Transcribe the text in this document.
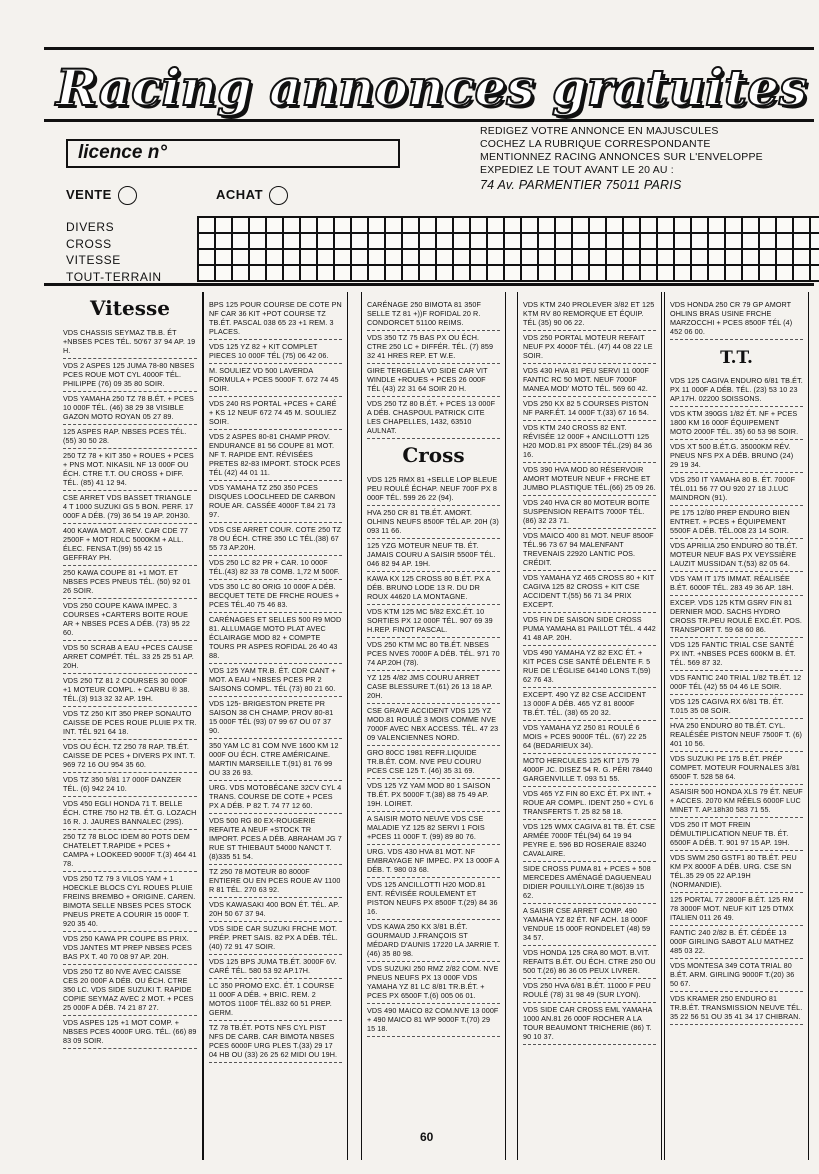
Racing annonces gratuites
licence n°
REDIGEZ VOTRE ANNONCE EN MAJUSCULES
COCHEZ LA RUBRIQUE CORRESPONDANTE
MENTIONNEZ RACING ANNONCES SUR L'ENVELOPPE
EXPEDIEZ LE TOUT AVANT LE 20 AU :
74 Av. PARMENTIER 75011 PARIS
VENTE	ACHAT
DIVERS
CROSS
VITESSE
TOUT-TERRAIN
Vitesse
VDS CHASSIS SEYMAZ TB.B. ÉT +NBSES PCES TÉL. 50'67 37 94 AP. 19 H.
VDS 2 ASPES 125 JUMA 78-80 NBSES PCES ROUE MOT CYL 4000F TÉL. PHILIPPE (76) 09 35 80 SOIR.
VDS YAMAHA 250 TZ 78 B.ÉT. + PCES 10 000F TÉL. (46) 38 29 38 VISIBLE GAZON MOTO ROYAN 05 27 89.
125 ASPES RAP. NBSES PCES TÉL.(55) 30 50 28.
250 TZ 78 + KIT 350 + ROUES + PCES + PNS MOT. NIKASIL NF 13 000F OU ÉCH. CTRE T.T. OU CROSS + DIFF. TÉL. (85) 41 12 94.
CSE ARRET VDS BASSET TRIANGLE 4 T 1000 SUZUKI GS 5 BON. PERF. 17 000F A DÉB. (79) 36 54 19 AP. 20H30.
400 KAWA MOT. A REV. CAR CDE 77 2500F + MOT RDLC 5000KM + ALL. ÉLEC. FENSA T.(99) 55 42 15 GEFFRAY PH.
250 KAWA COUPE 81 +1 MOT. ET NBSES PCES PNEUS TÉL. (50) 92 01 26 SOIR.
VDS 250 COUPE KAWA IMPEC. 3 COURSES +CARTERS BOITE ROUE AR + NBSES PCES A DÉB. (73) 95 22 60.
VDS 50 SCRAB A EAU +PCES CAUSE ARRET COMPÉT. TÉL. 33 25 25 51 AP. 20H.
VDS 250 TZ 81 2 COURSES 30 000F +1 MOTEUR COMPL. + CARBU ® 38. TÉL.(3) 913 32 32 AP. 19H.
VDS TZ 250 KIT 350 PREP SONAUTO CAISSE DE PCES ROUE PLUIE PX TR. INT. TÉL 921 64 18.
VDS OU ÉCH. TZ 250 78 RAP. TB.ÉT. CAISSE DE PCES + DIVERS PX INT. T. 969 72 16 OU 954 35 60.
VDS TZ 350 5/81 17 000F DANZER TÉL. (6) 942 24 10.
VDS 450 EGLI HONDA 71 T. BELLE ÉCH. CTRE 750 H2 TB. ÉT. G. LOZACH 16 R. J. JAURES BANNALEC (29S).
250 TZ 78 BLOC IDEM 80 POTS DEM CHATELET T.RAPIDE + PCES + CAMPA + LOOKEED 9000F T.(3) 464 41 78.
VDS 250 TZ 79 3 VILOS YAM + 1 HOECKLE BLOCS CYL ROUES PLUIE FREINS BREMBO + ORIGINE. CAREN. BIMOTA SELLE NBSES PCES STOCK PNEUS PRETE A COURIR 15 000F T. 920 35 40.
VDS 250 KAWA PR COUPE BS PRIX. VDS JANTES MT PREP NBSES PCES BAS PX T. 40 70 08 97 AP. 20H.
VDS 250 TZ 80 NVE AVEC CAISSE CES 20 000F A DÉB. OU ÉCH. CTRE 350 LC. VDS SIDE SUZUKI T. RAPIDE COPIE SEYMAZ AVEC 2 MOT. + PCES 25 000F A DÉB. 74 21 87 27.
VDS ASPES 125 +1 MOT COMP. + NBSES PCES 4000F URG. TÉL. (66) 89 83 09 SOIR.
BPS 125 POUR COURSE DE COTE PN NF CAR 36 KIT +POT COURSE TZ TB.ÉT. PASCAL 038 65 23 +1 REM. 3 PLACES.
VDS 125 YZ 82 + KIT COMPLET PIECES 10 000F TÉL (75) 06 42 06.
M. SOULIEZ VD 500 LAVERDA FORMULA + PCES 5000F T. 672 74 45 SOIR.
VDS 240 RS PORTAL +PCES + CARÉ + KS 12 NEUF 672 74 45 M. SOULIEZ SOIR.
VDS 2 ASPES 80-81 CHAMP PROV. ENDURANCE 81 56 COUPE 81 MOT. NF T. RAPIDE ENT. RÉVISÉES PRETES 82-83 IMPORT. STOCK PCES TÉL (42) 44 01 11.
VDS YAMAHA TZ 250 350 PCES DISQUES LOOCLHEED DE CARBON ROUE AR. CASSÉE 4000F T.84 21 73 97.
VDS CSE ARRET COUR. COTE 250 TZ 78 OU ÉCH. CTRE 350 LC TÉL.(38) 67 55 73 AP.20H.
VDS 250 LC 82 PR + CAR. 10 000F TÉL.(43) 82 33 78 COMB. 1,72 M 500F.
VDS 350 LC 80 ORIG 10 000F A DÉB. BECQUET TETE DE FRCHE ROUES + PCES TÉL.40 75 46 83.
CARÉNAGES ET SELLES 500 R9 MOD 81. ALLUMAGE MOTO PLAT AVEC ÉCLAIRAGE MOD 82 + COMPTE TOURS PR ASPES ROFIDAL 26 40 43 88.
VDS 125 YAM TR.B. ÉT. CDR CANT + MOT. A EAU +NBSES PCES PR 2 SAISONS COMPL. TÉL (73) 80 21 60.
VDS 125- BRIGESTON PRETE PR SAISON 38 CH CHAMP. PROV 80-81 15 000F TÉL (93) 07 99 67 OU 07 37 90.
350 YAM LC 81 COM NVE 1600 KM 12 000F OU ÉCH. CTRE AMÉRICAINE. MARTIN MARSEILLE T.(91) 81 76 99 OU 33 26 93.
URG. VDS MOTOBÉCANE 32CV CYL 4 TRANS. COURSE DE COTE + PCES PX A DÉB. P 82 T. 74 77 12 60.
VDS 500 RG 80 EX-ROUGERIE REFAITE A NEUF +STOCK TR IMPORT. PCES A DÉB. ABRAHAM JG 7 RUE ST THIEBAUT 54000 NANCT T.(8)335 51 54.
TZ 250 78 MOTEUR 80 8000F ENTIERE OU EN PCES ROUE AV 1100 R 81 TÉL. 270 63 92.
VDS KAWASAKI 400 BON ÉT. TÉL. AP. 20H 50 67 37 94.
VDS SIDE CAR SUZUKI FRCHE MOT. PRÉP. PRET SAIS. 82 PX A DÉB. TÉL.(40) 72 91 47 SOIR.
VDS 125 BPS JUMA TB.ÉT. 3000F 6V. CARÉ TÉL. 580 53 92 AP.17H.
LC 350 PROMO EXC. ÉT. 1 COURSE 11 000F A DÉB. + BRIC. REM. 2 MOTOS 1100F TÉL.832 60 51 PREP. GERM.
TZ 78 TB.ÉT. POTS NFS CYL PIST NFS DE CARB. CAR BIMOTA NBSES PCES 6000F URG PLES T.(33) 29 17 04 HB OU (33) 26 25 62 MIDI OU 19H.
CARÉNAGE 250 BIMOTA 81 350F SELLE TZ 81 +))F ROFIDAL 20 R. CONDORCET 51100 REIMS.
VDS 350 TZ 75 BAS PX OU ÉCH. CTRE 250 LC + DIFFÉR. TÉL. (7) 859 32 41 HRES REP. ET W.E.
GIRE TERGELLA VD SIDE CAR VIT WINDLE +ROUES + PCES 26 000F TÉL (43) 22 31 64 SOIR 20 H.
VDS 250 TZ 80 B.ÉT. + PCES 13 000F A DÉB. CHASPOUL PATRICK CITE LES CHAPELLES, 1432, 63510 AULNAT.
Cross
VDS 125 RMX 81 +SELLE LOP BLEUE PEU ROULÉ ÉCHAP. NEUF 700F PX 8 000F TÉL. 599 26 22 (94).
HVA 250 CR 81 TB.ÉT. AMORT. OLHINS NEUFS 8500F TÉL AP. 20H (3) 093 11 66.
125 YZG MOTEUR NEUF TB. ÉT. JAMAIS COURU A SAISIR 5500F TÉL. 046 82 94 AP. 19H.
KAWA KX 125 CROSS 80 B.ÉT. PX A DÉB. BRUNO LODE 13 R. DU DR ROUX 44620 LA MONTAGNE.
VDS KTM 125 MC 5/82 EXC.ÉT. 10 SORTIES PX 12 000F TÉL. 907 69 39 H.REP. FINOT PASCAL.
VDS 250 KTM MC 80 TB.ÉT. NBSES PCES NVES 7000F A DÉB. TÉL. 971 70 74 AP.20H (78).
YZ 125 4/82 JMS COURU ARRET CASE BLESSURE T.(61) 26 13 18 AP. 20H.
CSE GRAVE ACCIDENT VDS 125 YZ MOD.81 ROULÉ 3 MOIS COMME NVE 7000F AVEC NBX ACCESS. TÉL. 47 23 09 VALENCIENNES NORD.
GRO 80CC 1981 REFR.LIQUIDE TR.B.ÉT. COM. NVE PEU COURU PCES CSE 125 T. (46) 35 31 69.
VDS 125 YZ YAM MOD 80 1 SAISON TB.ÉT. PX 5000F T.(38) 88 75 49 AP. 19H. LOIRET.
A SAISIR MOTO NEUVE VDS CSE MALADIE YZ 125 82 SERVI 1 FOIS +PCES 11 000F T. (99) 89 80 76.
URG. VDS 430 HVA 81 MOT. NF EMBRAYAGE NF IMPEC. PX 13 000F A DÉB. T. 980 03 68.
VDS 125 ANCILLOTTI H20 MOD.81 ENT. RÉVISÉE ROULEMENT ET PISTON NEUFS PX 8500F T.(29) 84 36 16.
VDS KAWA 250 KX 3/81 B.ÉT. GOURMAUD J.FRANÇOIS ST MÉDARD D'AUNIS 17220 LA JARRIE T.(46) 35 80 98.
VDS SUZUKI 250 RMZ 2/82 COM. NVE PNEUS NEUFS PX 13 000F VDS YAMAHA YZ 81 LC 8/81 TR.B.ÉT. + PCES PX 6500F T.(6) 005 06 01.
VDS 490 MAICO 82 COM.NVE 13 000F + 490 MAICO 81 WP 9000F T.(70) 29 15 18.
VDS KTM 240 PROLEVER 3/82 ET 125 KTM RV 80 REMORQUE ET ÉQUIP. TÉL (35) 90 06 22.
VDS 250 PORTAL MOTEUR REFAIT NEUF PX 4000F TÉL. (47) 44 08 22 LE SOIR.
VDS 430 HVA 81 PEU SERVI 11 000F FANTIC RC 50 MOT. NEUF 7000F MANEA MOD' MOTO TÉL. 569 60 42.
VDS 250 KX 82 5 COURSES PISTON NF PARF.ÉT. 14 000F T.(33) 67 16 54.
VDS KTM 240 CROSS 82 ENT. RÉVISÉE 12 000F + ANCILLOTTI 125 H20 MOD.81 PX 8500F TÉL.(29) 84 36 16.
VDS 390 HVA MOD 80 RÉSERVOIR AMORT MOTEUR NEUF + FRCHE ET JUMBO PLASTIQUE TÉL.(66) 25 09 26.
VDS 240 HVA CR 80 MOTEUR BOITE SUSPENSION REFAITS 7000F TÉL.(86) 32 23 71.
VDS MAICO 400 81 MOT. NEUF 8500F TÉL.96 73 67 94 MALENFANT TREVENAIS 22920 LANTIC POS. CRÉDIT.
VDS YAMAHA YZ 465 CROSS 80 + KIT CAGIVA 125 82 CROSS + KIT CSE ACCIDENT T.(55) 56 71 34 PRIX EXCEPT.
VDS FIN DE SAISON SIDE CROSS PUMA YAMAHA 81 PAILLOT TÉL. 4 442 41 48 AP. 20H.
VDS 490 YAMAHA YZ 82 EXC ÉT. + KIT PCES CSE SANTÉ DÉLENTE F. 5 RUE DE L'ÉGLISE 64140 LONS T.(59) 62 76 43.
EXCEPT. 490 YZ 82 CSE ACCIDENT 13 000F A DÉB. 465 YZ 81 8000F TB.ÉT. TÉL. (38) 65 20 32.
VDS YAMAHA YZ 250 81 ROULÉ 6 MOIS + PCES 9000F TÉL. (67) 22 25 64 (BEDARIEUX 34).
MOTO HERCULES 125 KIT 175 79 4000F JC. DISEZ 54 R. G. PÉRI 78440 GARGENVILLE T. 093 51 55.
VDS 465 YZ FIN 80 EXC ÉT. PX INT. + ROUE AR COMPL. IDENT 250 + CYL 6 TRANSFERTS T. 25 82 58 18.
VDS 125 WMX CAGIVA 81 TB. ÉT. CSE ARMÉE 7000F TÉL(94) 64 19 94 PEYRE E. 596 BD ROSERAIE 83240 CAVALAIRE.
SIDE CROSS PUMA 81 + PCES + 508 MERCEDES AMÉNAGÉ DAGUENEAU DIDIER POUILLY/LOIRE T.(86)39 15 62.
A SAISIR CSE ARRET COMP. 490 YAMAHA YZ 82 ÉT. NF ACH. 18 000F VENDUE 15 000F RONDELET (48) 59 34 57.
VDS HONDA 125 CRA 80 MOT. B.VIT. REFAITS B.ÉT. OU ÉCH. CTRE 250 OU 500 T.(26) 86 36 05 PEUX LIVRER.
VDS 250 HVA 6/81 B.ÉT. 11000 F PEU ROULÉ (78) 31 98 49 (SUR LYON).
VDS SIDE CAR CROSS EML YAMAHA 1000 AN.81 26 000F ROCHER A LA TOUR BEAUMONT TRICHERIE (86) T. 90 10 37.
VDS HONDA 250 CR 79 GP AMORT OHLINS BRAS USINE FRCHE MARZOCCHI + PCES 8500F TÉL (4) 452 06 00.
T.T.
VDS 125 CAGIVA ENDURO 6/81 TB.ÉT. PX 11 000F A DÉB. TÉL. (23) 53 10 23 AP.17H. 02200 SOISSONS.
VDS KTM 390GS 1/82 ÉT. NF + PCES 1800 KM 16 000F ÉQUIPEMENT MOTO 2000F TÉL. 35) 60 53 98 SOIR.
VDS XT 500 B.ÉT.G. 35000KM RÉV. PNEUS NFS PX A DÉB. BRUNO (24) 29 19 34.
VDS 250 IT YAMAHA 80 B. ÉT. 7000F TÉL.011 56 77 OU 920 27 18 J.LUC MAINDRON (91).
PE 175 12/80 PREP ENDURO BIEN ENTRET. + PCES + ÉQUIPEMENT 5500F A DÉB. TÉL.008 23 14 SOIR.
VDS APRILIA 250 ENDURO 80 TB.ÉT. MOTEUR NEUF BAS PX VEYSSIÈRE LAUZIT MUSSIDAN T.(53) 82 05 64.
VDS YAM IT 175 IMMAT. RÉALISÉE B.ÉT. 6000F TÉL. 283 49 36 AP. 18H.
EXCEP. VDS 125 KTM GSRV FIN 81 DERNIER MOD. SACHS HYDRO CROSS TR.PEU ROULÉ EXC.ÉT. POS. TRANSPORT T. 59 68 60 86.
VDS 125 FANTIC TRIAL CSE SANTÉ PX INT. +NBSES PCES 600KM B. ÉT. TÉL. 569 87 32.
VDS FANTIC 240 TRIAL 1/82 TB.ÉT. 12 000F TÉL (42) 55 04 46 LE SOIR.
VDS 125 CAGIVA RX 6/81 TB. ÉT. T.015 35 08 SOIR.
HVA 250 ENDURO 80 TB.ÉT. CYL. REALÉSÉE PISTON NEUF 7500F T. (6) 401 10 56.
VDS SUZUKI PE 175 B.ÉT. PRÉP COMPET. MOTEUR FOURNALES 3/81 6500F T. 528 58 64.
ASAISIR 500 HONDA XLS 79 ÉT. NEUF + ACCES. 2070 KM RÉELS 6000F LUC MINET T. AP.18h30 583 71 55.
VDS 250 IT MOT FREIN DÉMULTIPLICATION NEUF TB. ÉT. 6500F A DÉB. T. 901 97 15 AP. 19H.
VDS SWM 250 GSTF1 80 TB.ÉT. PEU KM PX 8000F A DÉB. URG. CSE SN TÉL.35 29 05 22 AP.19H (NORMANDIE).
125 PORTAL 77 2800F B.ÉT. 125 RM 78 3000F MOT. NEUF KIT 125 DTMX ITALIEN 011 26 49.
FANTIC 240 2/82 B. ÉT. CÉDÉE 13 000F GIRLING SABOT ALU MATHEZ 485 03 22.
VDS MONTESA 349 COTA TRIAL 80 B.ÉT. ARM. GIRLING 9000F T.(20) 36 50 67.
VDS KRAMER 250 ENDURO 81 TR.B.ÉT. TRANSMISSION NEUVE TÉL. 35 22 56 51 OU 35 41 34 17 CHIBRAN.
60
